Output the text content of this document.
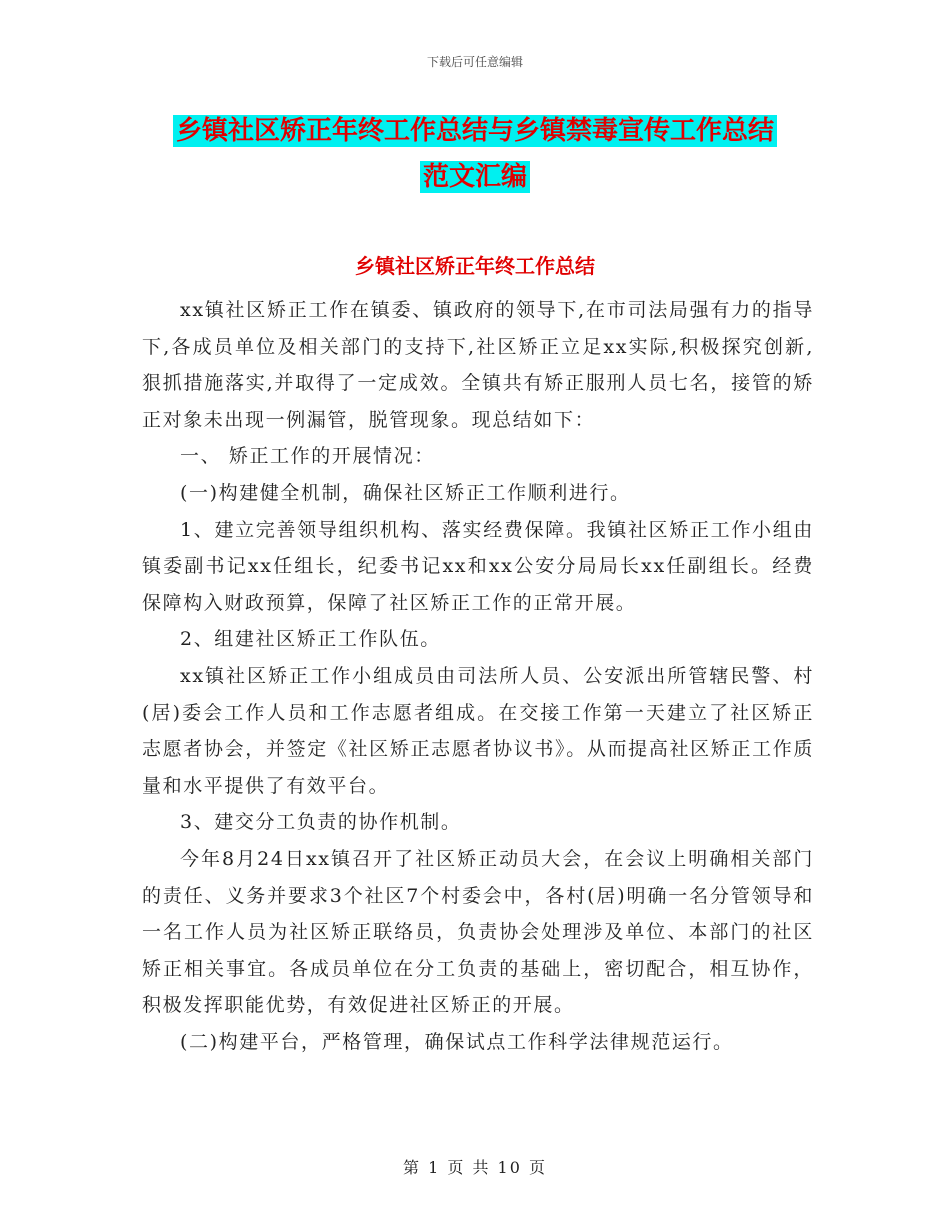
下载后可任意编辑
乡镇社区矫正年终工作总结与乡镇禁毒宣传工作总结
范文汇编
乡镇社区矫正年终工作总结

xx镇社区矫正工作在镇委、镇政府的领导下,在市司法局强有力的指导下,各成员单位及相关部门的支持下,社区矫正立足xx实际,积极探究创新,狠抓措施落实,并取得了一定成效。全镇共有矫正服刑人员七名，接管的矫正对象未出现一例漏管，脱管现象。现总结如下：

一、 矫正工作的开展情况：

(一)构建健全机制，确保社区矫正工作顺利进行。

1、建立完善领导组织机构、落实经费保障。我镇社区矫正工作小组由镇委副书记xx任组长，纪委书记xx和xx公安分局局长xx任副组长。经费保障构入财政预算，保障了社区矫正工作的正常开展。

2、组建社区矫正工作队伍。

xx镇社区矫正工作小组成员由司法所人员、公安派出所管辖民警、村(居)委会工作人员和工作志愿者组成。在交接工作第一天建立了社区矫正志愿者协会，并签定《社区矫正志愿者协议书》。从而提高社区矫正工作质量和水平提供了有效平台。

3、建交分工负责的协作机制。

今年8月24日xx镇召开了社区矫正动员大会，在会议上明确相关部门的责任、义务并要求3个社区7个村委会中，各村(居)明确一名分管领导和一名工作人员为社区矫正联络员，负责协会处理涉及单位、本部门的社区矫正相关事宜。各成员单位在分工负责的基础上，密切配合，相互协作，积极发挥职能优势，有效促进社区矫正的开展。

(二)构建平台，严格管理，确保试点工作科学法律规范运行。

第 1 页 共 10 页
